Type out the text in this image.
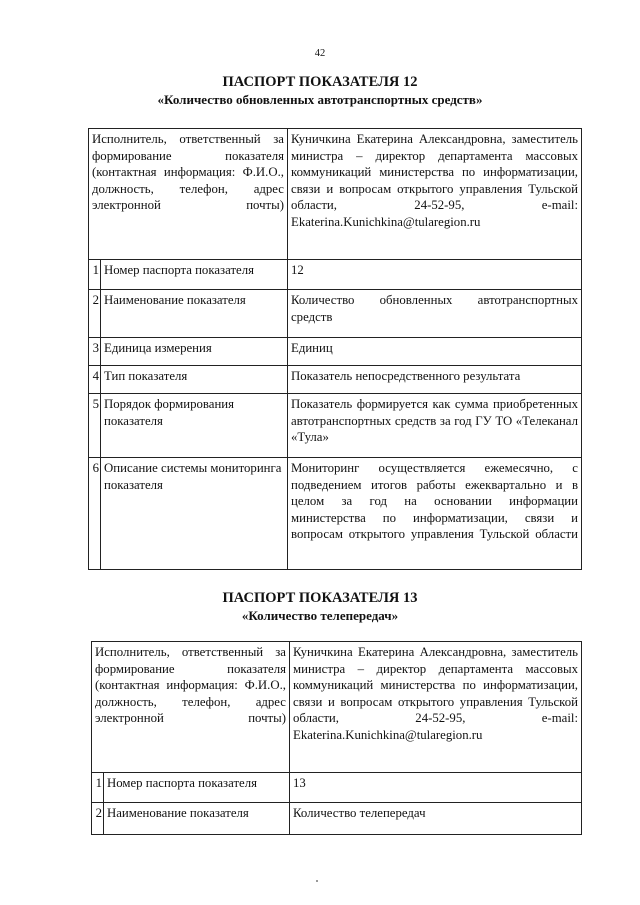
42
ПАСПОРТ ПОКАЗАТЕЛЯ 12
«Количество обновленных автотранспортных средств»
Исполнитель, ответственный за формирование показателя (контактная информация: Ф.И.О., должность, телефон, адрес электронной почты)		Куничкина Екатерина Александровна, заместитель министра – директор департамента массовых коммуникаций министерства по информатизации, связи и вопросам открытого управления Тульской области, 24-52-95, e-mail: Ekaterina.Kunichkina@tularegion.ru
1	Номер паспорта показателя	12
2	Наименование показателя	Количество обновленных автотранспортных средств
3	Единица измерения	Единиц
4	Тип показателя	Показатель непосредственного результата
5	Порядок формирования показателя	Показатель формируется как сумма приобретенных автотранспортных средств за год ГУ ТО «Телеканал «Тула»
6	Описание системы мониторинга показателя	Мониторинг осуществляется ежемесячно, с подведением итогов работы ежеквартально и в целом за год на основании информации министерства по информатизации, связи и вопросам открытого управления Тульской области
ПАСПОРТ ПОКАЗАТЕЛЯ 13
«Количество телепередач»
Исполнитель, ответственный за формирование показателя (контактная информация: Ф.И.О., должность, телефон, адрес электронной почты)		Куничкина Екатерина Александровна, заместитель министра – директор департамента массовых коммуникаций министерства по информатизации, связи и вопросам открытого управления Тульской области, 24-52-95, e-mail: Ekaterina.Kunichkina@tularegion.ru
1	Номер паспорта показателя	13
2	Наименование показателя	Количество телепередач
